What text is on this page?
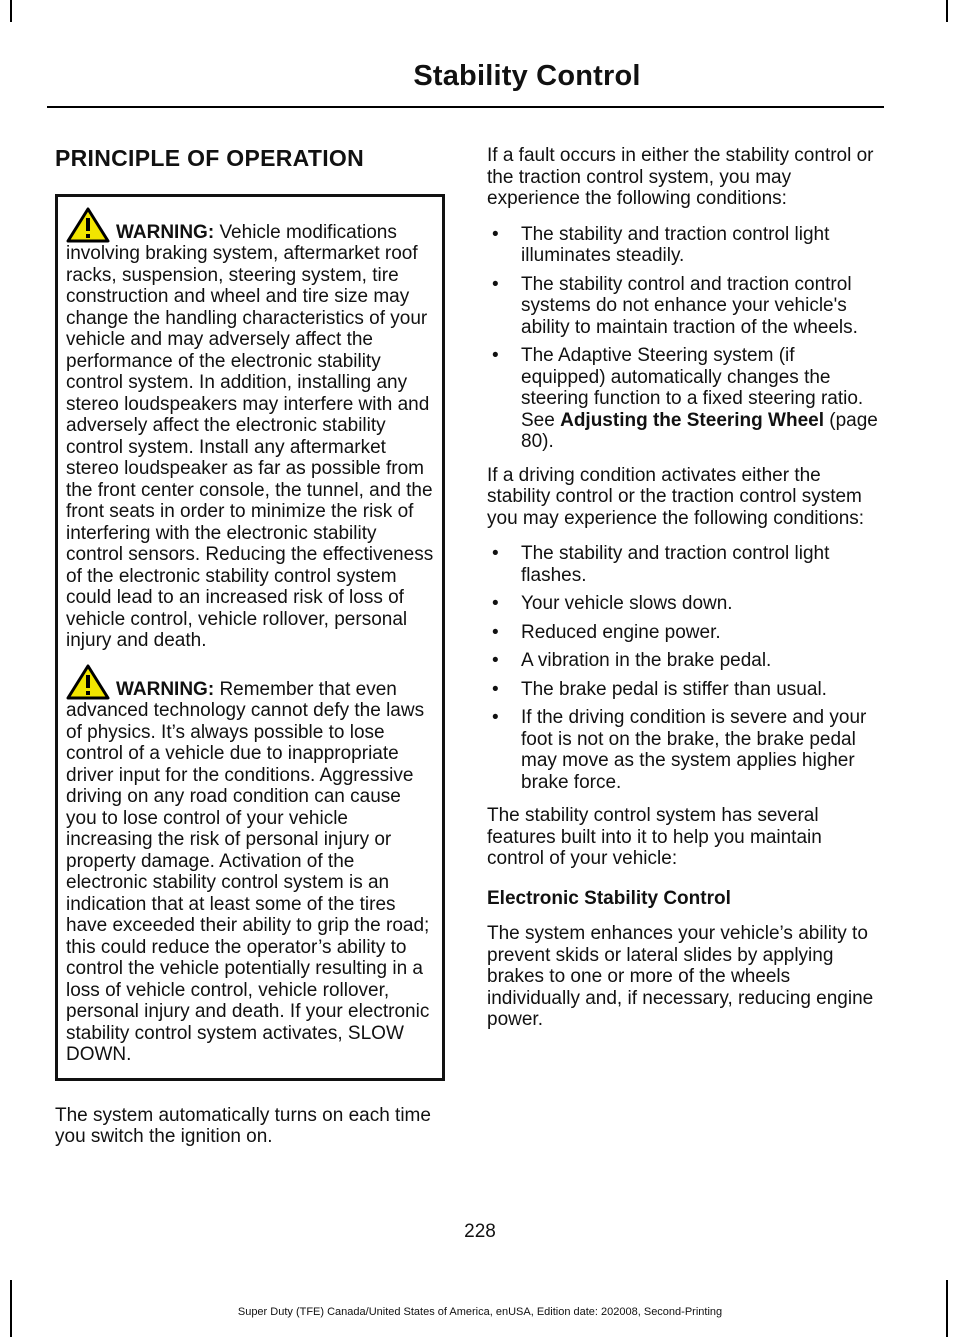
Stability Control
PRINCIPLE OF OPERATION

WARNING: Vehicle modifications involving braking system, aftermarket roof racks, suspension, steering system, tire construction and wheel and tire size may change the handling characteristics of your vehicle and may adversely affect the performance of the electronic stability control system. In addition, installing any stereo loudspeakers may interfere with and adversely affect the electronic stability control system. Install any aftermarket stereo loudspeaker as far as possible from the front center console, the tunnel, and the front seats in order to minimize the risk of interfering with the electronic stability control sensors. Reducing the effectiveness of the electronic stability control system could lead to an increased risk of loss of vehicle control, vehicle rollover, personal injury and death.

WARNING: Remember that even advanced technology cannot defy the laws of physics. It’s always possible to lose control of a vehicle due to inappropriate driver input for the conditions. Aggressive driving on any road condition can cause you to lose control of your vehicle increasing the risk of personal injury or property damage. Activation of the electronic stability control system is an indication that at least some of the tires have exceeded their ability to grip the road; this could reduce the operator’s ability to control the vehicle potentially resulting in a loss of vehicle control, vehicle rollover, personal injury and death. If your electronic stability control system activates, SLOW DOWN.

The system automatically turns on each time you switch the ignition on.

If a fault occurs in either the stability control or the traction control system, you may experience the following conditions:

• The stability and traction control light illuminates steadily.
• The stability control and traction control systems do not enhance your vehicle's ability to maintain traction of the wheels.
• The Adaptive Steering system (if equipped) automatically changes the steering function to a fixed steering ratio. See Adjusting the Steering Wheel (page 80).

If a driving condition activates either the stability control or the traction control system you may experience the following conditions:

• The stability and traction control light flashes.
• Your vehicle slows down.
• Reduced engine power.
• A vibration in the brake pedal.
• The brake pedal is stiffer than usual.
• If the driving condition is severe and your foot is not on the brake, the brake pedal may move as the system applies higher brake force.

The stability control system has several features built into it to help you maintain control of your vehicle:

Electronic Stability Control

The system enhances your vehicle’s ability to prevent skids or lateral slides by applying brakes to one or more of the wheels individually and, if necessary, reducing engine power.

228
Super Duty (TFE) Canada/United States of America, enUSA, Edition date: 202008, Second-Printing
